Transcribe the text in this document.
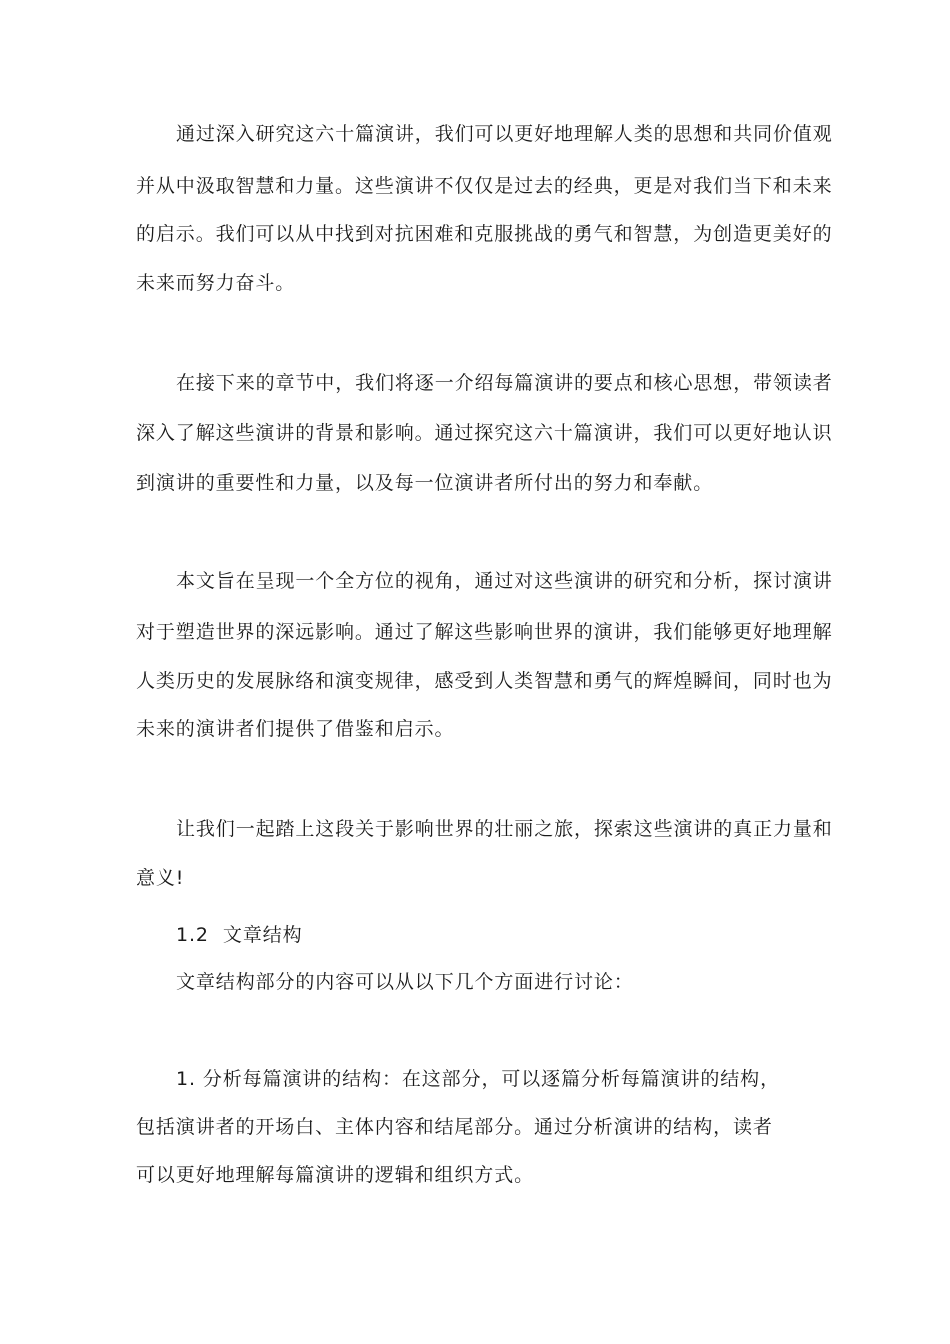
通过深入研究这六十篇演讲，我们可以更好地理解人类的思想和共同价值观
并从中汲取智慧和力量。这些演讲不仅仅是过去的经典，更是对我们当下和未来
的启示。我们可以从中找到对抗困难和克服挑战的勇气和智慧，为创造更美好的
未来而努力奋斗。
在接下来的章节中，我们将逐一介绍每篇演讲的要点和核心思想，带领读者
深入了解这些演讲的背景和影响。通过探究这六十篇演讲，我们可以更好地认识
到演讲的重要性和力量，以及每一位演讲者所付出的努力和奉献。
本文旨在呈现一个全方位的视角，通过对这些演讲的研究和分析，探讨演讲
对于塑造世界的深远影响。通过了解这些影响世界的演讲，我们能够更好地理解
人类历史的发展脉络和演变规律，感受到人类智慧和勇气的辉煌瞬间，同时也为
未来的演讲者们提供了借鉴和启示。
让我们一起踏上这段关于影响世界的壮丽之旅，探索这些演讲的真正力量和
意义!
1.2 文章结构
文章结构部分的内容可以从以下几个方面进行讨论：
1. 分析每篇演讲的结构：在这部分，可以逐篇分析每篇演讲的结构，
包括演讲者的开场白、主体内容和结尾部分。通过分析演讲的结构，读者
可以更好地理解每篇演讲的逻辑和组织方式。
